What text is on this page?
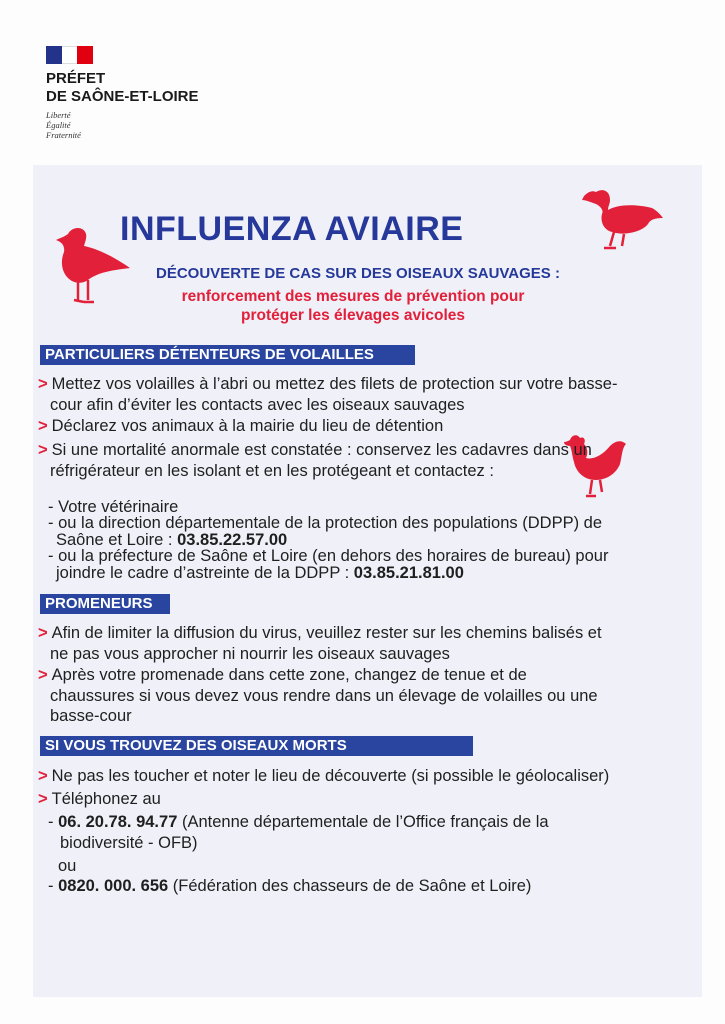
PRÉFET
DE SAÔNE-ET-LOIRE
Liberté
Égalité
Fraternité
INFLUENZA AVIAIRE
DÉCOUVERTE DE CAS SUR DES OISEAUX SAUVAGES :
renforcement des mesures de prévention pour
protéger les élevages avicoles
PARTICULIERS DÉTENTEURS DE VOLAILLES
> Mettez vos volailles à l’abri ou mettez des filets de protection sur votre basse-
cour afin d’éviter les contacts avec les oiseaux sauvages
> Déclarez vos animaux à la mairie du lieu de détention
> Si une mortalité anormale est constatée : conservez les cadavres dans un
réfrigérateur en les isolant et en les protégeant et contactez :
- Votre vétérinaire
- ou la direction départementale de la protection des populations (DDPP) de
Saône et Loire : 03.85.22.57.00
- ou la préfecture de Saône et Loire (en dehors des horaires de bureau) pour
joindre le cadre d’astreinte de la DDPP : 03.85.21.81.00
PROMENEURS
> Afin de limiter la diffusion du virus, veuillez rester sur les chemins balisés et
ne pas vous approcher ni nourrir les oiseaux sauvages
> Après votre promenade dans cette zone, changez de tenue et de
chaussures si vous devez vous rendre dans un élevage de volailles ou une
basse-cour
SI VOUS TROUVEZ DES OISEAUX MORTS
> Ne pas les toucher et noter le lieu de découverte (si possible le géolocaliser)
> Téléphonez au
- 06. 20.78. 94.77 (Antenne départementale de l’Office français de la
biodiversité - OFB)
ou
- 0820. 000. 656 (Fédération des chasseurs de de Saône et Loire)
